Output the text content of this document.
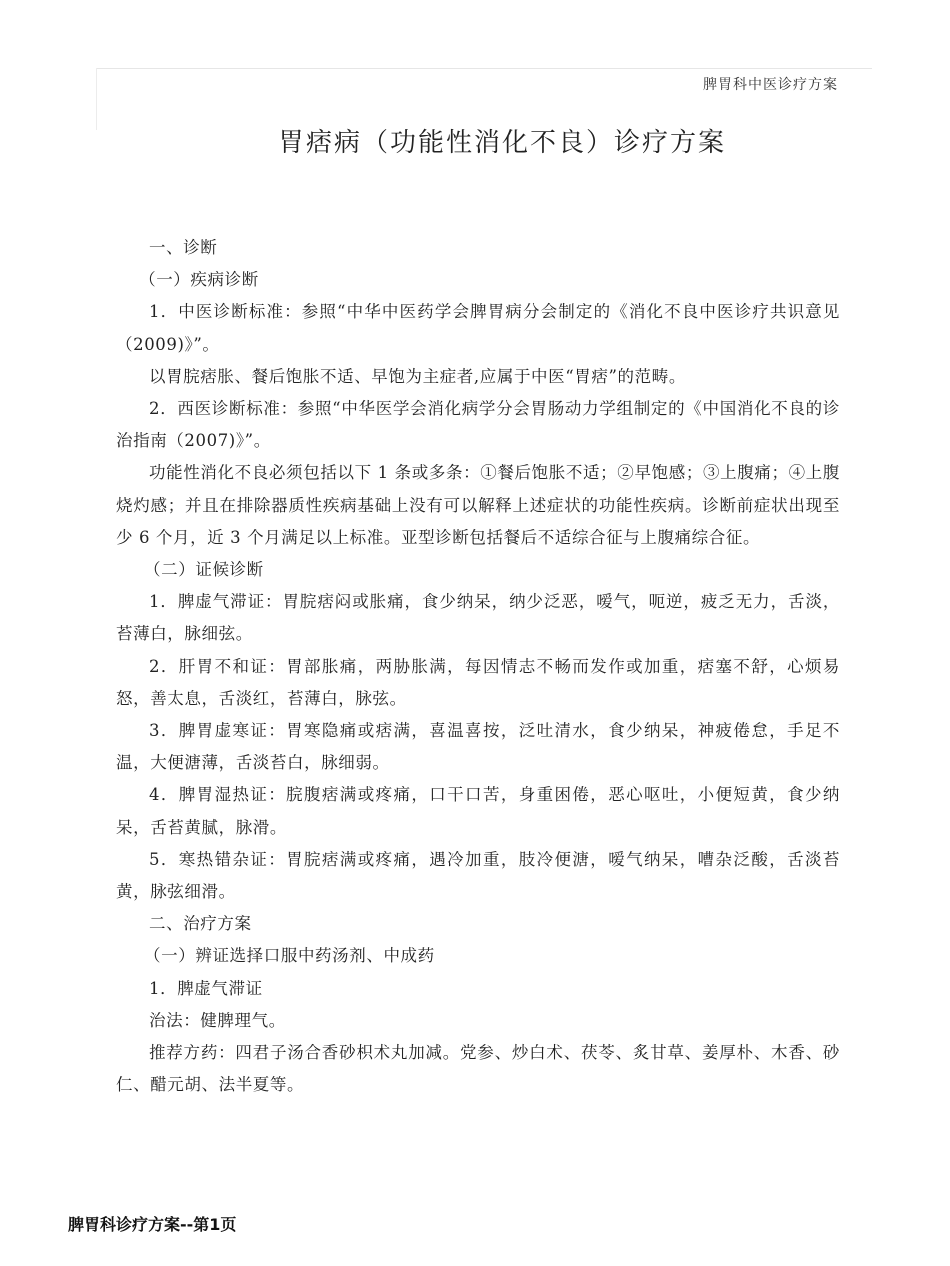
脾胃科中医诊疗方案
胃痞病（功能性消化不良）诊疗方案

一、诊断

（一）疾病诊断

1．中医诊断标准：参照“中华中医药学会脾胃病分会制定的《消化不良中医诊疗共识意见（2009)》”。

以胃脘痞胀、餐后饱胀不适、早饱为主症者,应属于中医“胃痞”的范畴。

2．西医诊断标准：参照“中华医学会消化病学分会胃肠动力学组制定的《中国消化不良的诊治指南（2007)》”。

功能性消化不良必须包括以下 1 条或多条：①餐后饱胀不适；②早饱感；③上腹痛；④上腹烧灼感；并且在排除器质性疾病基础上没有可以解释上述症状的功能性疾病。诊断前症状出现至少 6 个月，近 3 个月满足以上标准。亚型诊断包括餐后不适综合征与上腹痛综合征。

（二）证候诊断

1．脾虚气滞证：胃脘痞闷或胀痛，食少纳呆，纳少泛恶，嗳气，呃逆，疲乏无力，舌淡，苔薄白，脉细弦。

2．肝胃不和证：胃部胀痛，两胁胀满，每因情志不畅而发作或加重，痞塞不舒，心烦易怒，善太息，舌淡红，苔薄白，脉弦。

3．脾胃虚寒证：胃寒隐痛或痞满，喜温喜按，泛吐清水，食少纳呆，神疲倦怠，手足不温，大便溏薄，舌淡苔白，脉细弱。

4．脾胃湿热证：脘腹痞满或疼痛，口干口苦，身重困倦，恶心呕吐，小便短黄，食少纳呆，舌苔黄腻，脉滑。

5．寒热错杂证：胃脘痞满或疼痛，遇冷加重，肢冷便溏，嗳气纳呆，嘈杂泛酸，舌淡苔黄，脉弦细滑。

二、治疗方案

（一）辨证选择口服中药汤剂、中成药

1．脾虚气滞证

治法：健脾理气。

推荐方药：四君子汤合香砂枳术丸加减。党参、炒白术、茯苓、炙甘草、姜厚朴、木香、砂仁、醋元胡、法半夏等。

脾胃科诊疗方案--第1页
